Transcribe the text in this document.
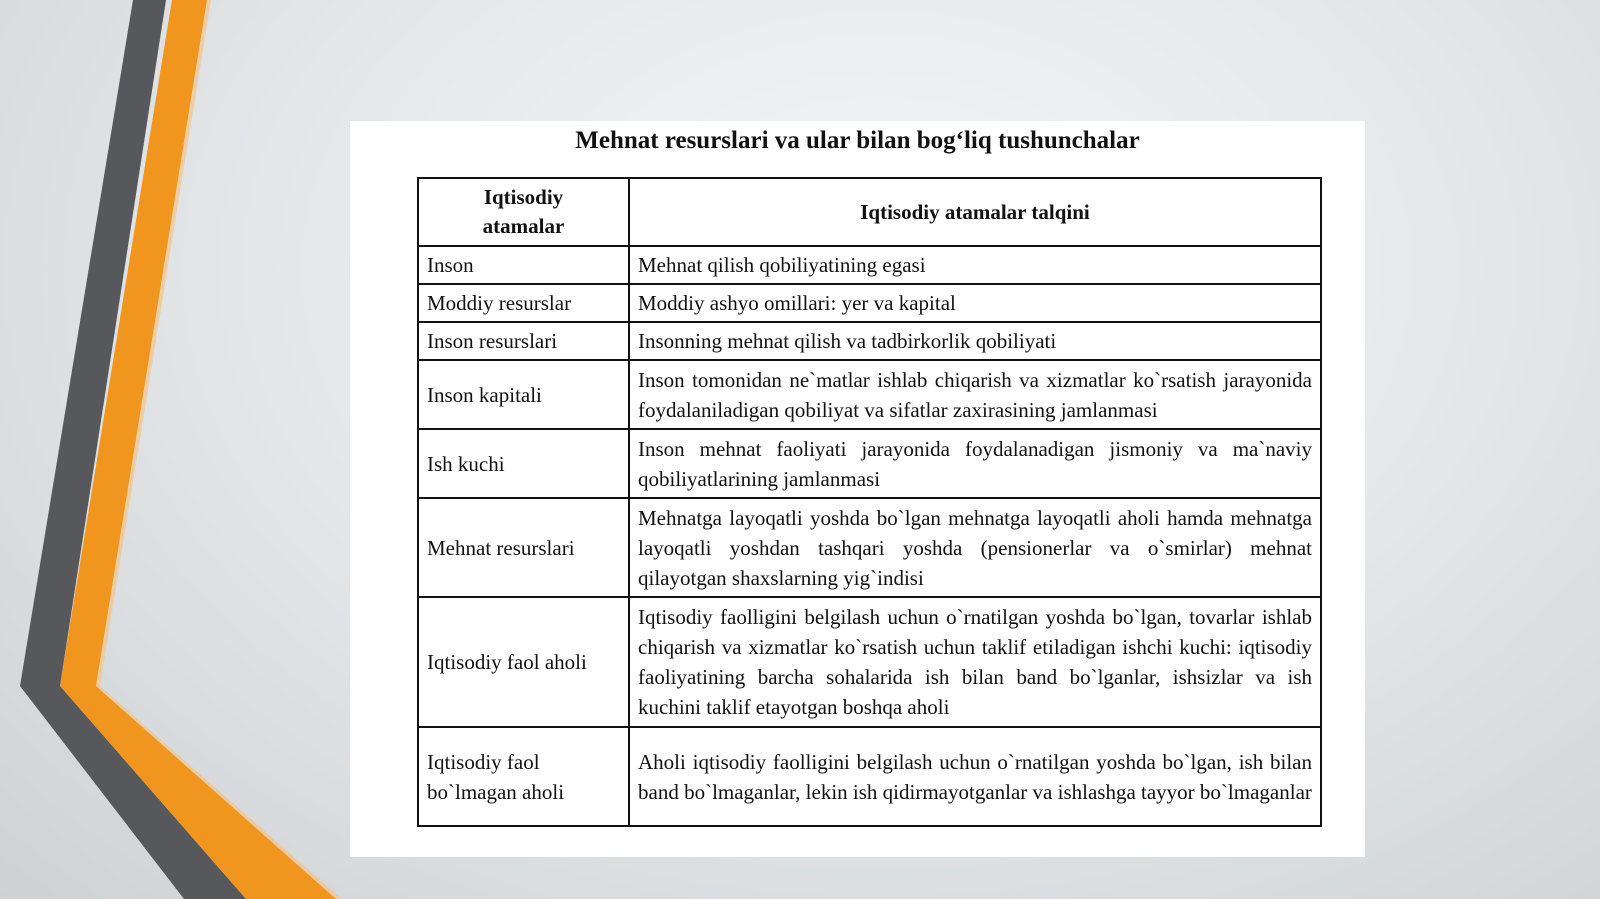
Mehnat resurslari va ular bilan bog‘liq tushunchalar
Iqtisodiy atamalar	Iqtisodiy atamalar talqini
Inson	Mehnat qilish qobiliyatining egasi
Moddiy resurslar	Moddiy ashyo omillari: yer va kapital
Inson resurslari	Insonning mehnat qilish va tadbirkorlik qobiliyati
Inson kapitali	Inson tomonidan ne`matlar ishlab chiqarish va xizmatlar ko`rsatish jarayonida foydalaniladigan qobiliyat va sifatlar zaxirasining jamlanmasi
Ish kuchi	Inson mehnat faoliyati jarayonida foydalanadigan jismoniy va ma`naviy qobiliyatlarining jamlanmasi
Mehnat resurslari	Mehnatga layoqatli yoshda bo`lgan mehnatga layoqatli aholi hamda mehnatga layoqatli yoshdan tashqari yoshda (pensionerlar va o`smirlar) mehnat qilayotgan shaxslarning yig`indisi
Iqtisodiy faol aholi	Iqtisodiy faolligini belgilash uchun o`rnatilgan yoshda bo`lgan, tovarlar ishlab chiqarish va xizmatlar ko`rsatish uchun taklif etiladigan ishchi kuchi: iqtisodiy faoliyatining barcha sohalarida ish bilan band bo`lganlar, ishsizlar va ish kuchini taklif etayotgan boshqa aholi
Iqtisodiy faol bo`lmagan aholi	Aholi iqtisodiy faolligini belgilash uchun o`rnatilgan yoshda bo`lgan, ish bilan band bo`lmaganlar, lekin ish qidirmayotganlar va ishlashga tayyor bo`lmaganlar
